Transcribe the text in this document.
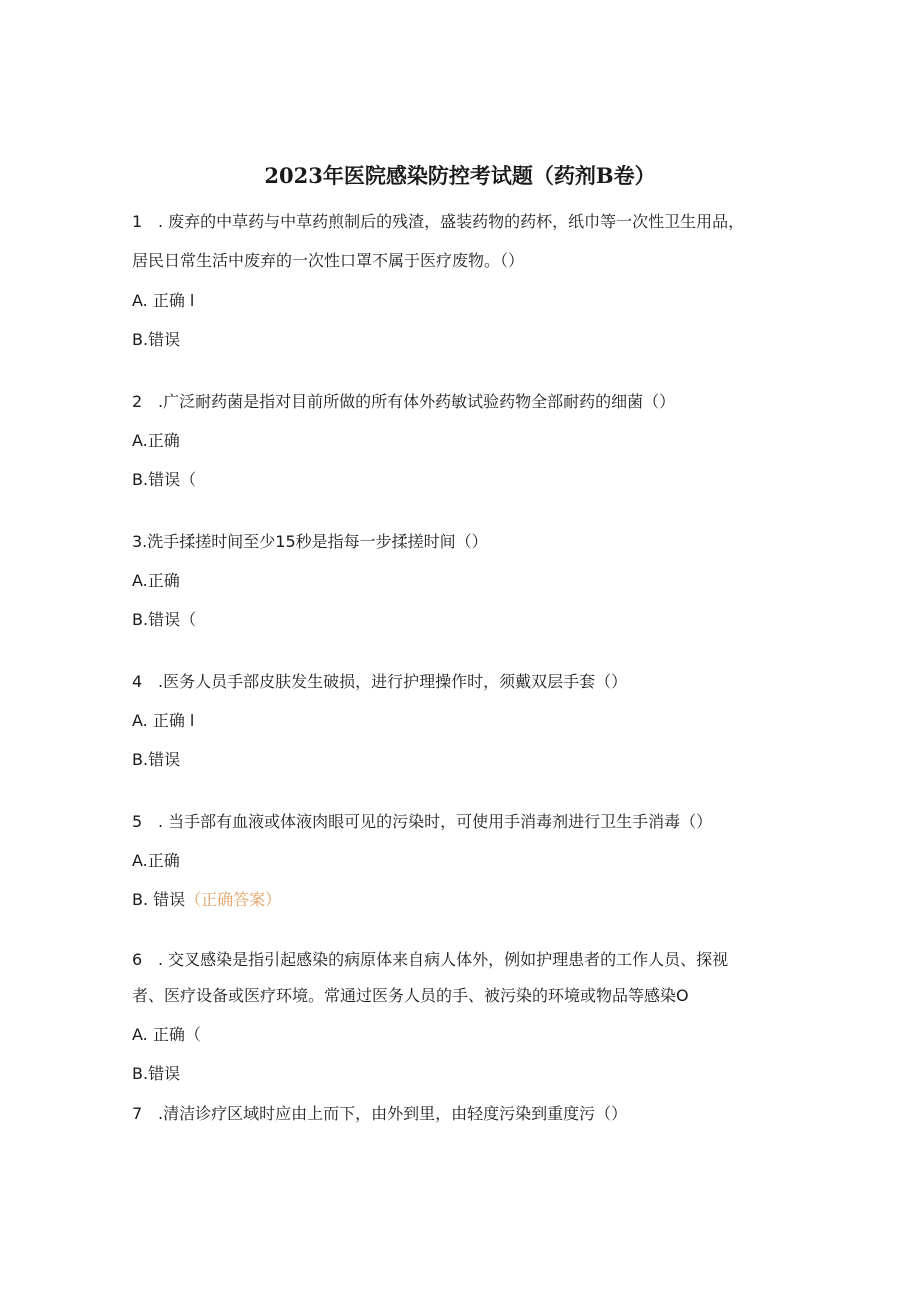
2023年医院感染防控考试题（药剂B卷）
1 . 废弃的中草药与中草药煎制后的残渣，盛装药物的药杯，纸巾等一次性卫生用品，
居民日常生活中废弃的一次性口罩不属于医疗废物。（）
A. 正确 l
B.错误
2 .广泛耐药菌是指对目前所做的所有体外药敏试验药物全部耐药的细菌（）
A.正确
B.错误（
3.洗手揉搓时间至少15秒是指每一步揉搓时间（）
A.正确
B.错误（
4 .医务人员手部皮肤发生破损，进行护理操作时，须戴双层手套（）
A. 正确 l
B.错误
5 . 当手部有血液或体液肉眼可见的污染时，可使用手消毒剂进行卫生手消毒（）
A.正确
B. 错误（正确答案）
6 . 交叉感染是指引起感染的病原体来自病人体外，例如护理患者的工作人员、探视
者、医疗设备或医疗环境。常通过医务人员的手、被污染的环境或物品等感染O
A. 正确（
B.错误
7 .清洁诊疗区域时应由上而下，由外到里，由轻度污染到重度污（）
